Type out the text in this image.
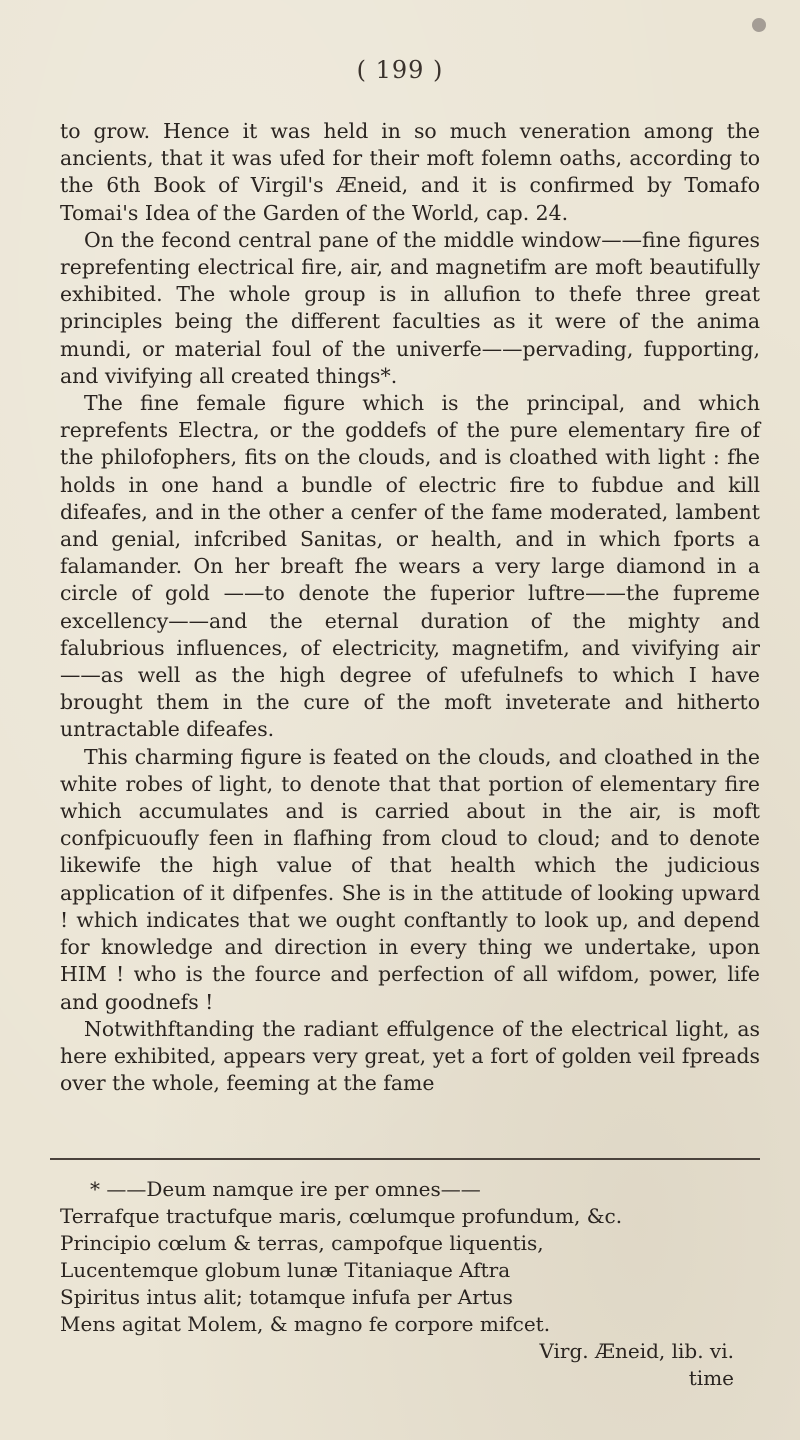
( 199 )

to grow. Hence it was held in so much veneration among the ancients, that it was ufed for their moft folemn oaths, according to the 6th Book of Virgil's Æneid, and it is confirmed by Tomafo Tomai's Idea of the Garden of the World, cap. 24.

On the fecond central pane of the middle window——fine figures reprefenting electrical fire, air, and magnetifm are moft beautifully exhibited. The whole group is in allufion to thefe three great principles being the different faculties as it were of the anima mundi, or material foul of the univerfe——pervading, fupporting, and vivifying all created things*.

The fine female figure which is the principal, and which reprefents Electra, or the goddefs of the pure elementary fire of the philofophers, fits on the clouds, and is cloathed with light : fhe holds in one hand a bundle of electric fire to fubdue and kill difeafes, and in the other a cenfer of the fame moderated, lambent and genial, infcribed Sanitas, or health, and in which fports a falamander. On her breaft fhe wears a very large diamond in a circle of gold ——to denote the fuperior luftre——the fupreme excellency——and the eternal duration of the mighty and falubrious influences, of electricity, magnetifm, and vivifying air——as well as the high degree of ufefulnefs to which I have brought them in the cure of the moft inveterate and hitherto untractable difeafes.

This charming figure is feated on the clouds, and cloathed in the white robes of light, to denote that that portion of elementary fire which accumulates and is carried about in the air, is moft confpicuoufly feen in flafhing from cloud to cloud; and to denote likewife the high value of that health which the judicious application of it difpenfes. She is in the attitude of looking upward ! which indicates that we ought conftantly to look up, and depend for knowledge and direction in every thing we undertake, upon HIM ! who is the fource and perfection of all wifdom, power, life and goodnefs !

Notwithftanding the radiant effulgence of the electrical light, as here exhibited, appears very great, yet a fort of golden veil fpreads over the whole, feeming at the fame

* ——Deum namque ire per omnes——
Terrafque tractufque maris, cœlumque profundum, &c.
Principio cœlum & terras, campofque liquentis,
Lucentemque globum lunæ Titaniaque Aftra
Spiritus intus alit; totamque infufa per Artus
Mens agitat Molem, & magno fe corpore mifcet.
Virg. Æneid, lib. vi.
time
